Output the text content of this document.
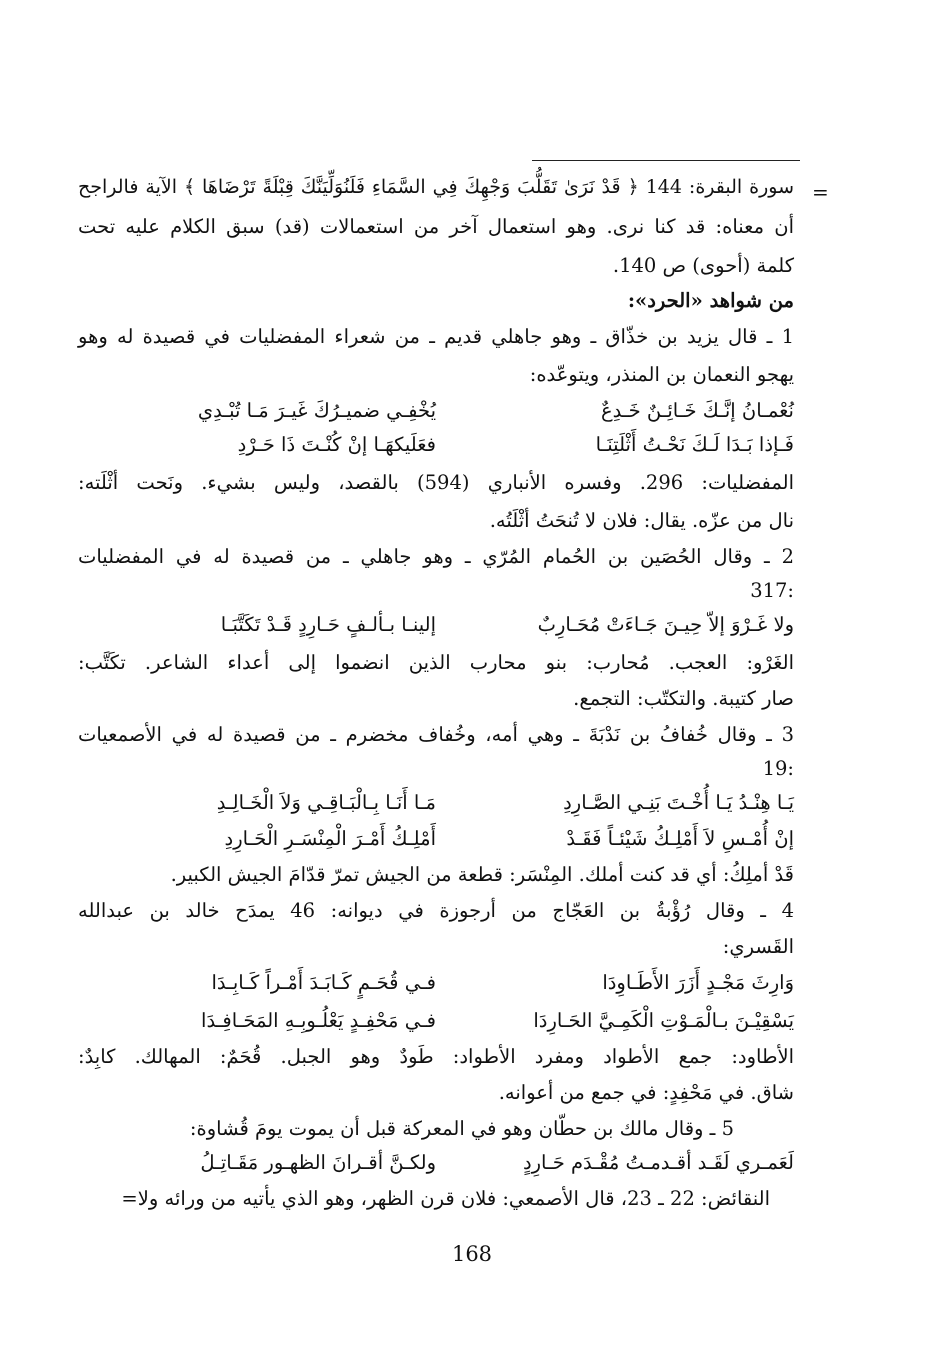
=
سورة البقرة: 144 ﴿ قَدْ نَرَىٰ تَقَلُّبَ وَجْهِكَ فِي السَّمَاءِ فَلَنُوَلِّيَنَّكَ قِبْلَةً تَرْضَاهَا ﴾ الآية فالراجح
أن معناه: قد كنا نرى. وهو استعمال آخر من استعمالات (قد) سبق الكلام عليه تحت
كلمة (أحوى) ص 140.
من شواهد «الحرد»:
1 ـ قال يزيد بن خذّاق ـ وهو جاهلي قديم ـ من شعراء المفضليات في قصيدة له وهو
يهجو النعمان بن المنذر، ويتوعّده:
نُعْمـانُ إنَّـكَ خَـائِـنٌ خَـدِعٌ
يُخْفِـي ضميـرُكَ غَيـرَ مَـا تُبْـدِي
فَـإذا بَـدَا لَـكَ نَحْـتُ أَثْلَتِنَـا
فعَلَيكهَـا إنْ كُنْـتَ ذَا حَـرْدِ
المفضليات: 296. وفسره الأنباري (594) بالقصد، وليس بشيء. ونَحت أثْلَته:
نال من عزّه. يقال: فلان لا تُنحَتُ أثْلَتُه.
2 ـ وقال الحُصَين بن الحُمام المُرّي ـ وهو جاهلي ـ من قصيدة له في المفضليات
:317
ولا غَـرْوَ إلاّ حِيـنَ جَـاءَتْ مُحَـارِبٌ
إلينـا بـألـفٍ حَـارِدٍ قَـدْ تَكَتَّبَـا
الغَرْو: العجب. مُحارب: بنو محارب الذين انضموا إلى أعداء الشاعر. تكَتَّب:
صار كتيبة. والتكتّب: التجمع.
3 ـ وقال خُفافُ بن نَدْبَةَ ـ وهي أمه، وخُفاف مخضرم ـ من قصيدة له في الأصمعيات
:19
يَـا هِنْـدُ يَـا أُخْـتَ بَنِـي الصَّـارِدِ
مَـا أَنَـا بِـالْبَـاقِـي وَلاَ الْخَـالِـدِ
إنْ أُمْـسِ لاَ أَمْلِـكُ شَيْئـاً فَقَـدْ
أَمْلِـكُ أَمْـرَ الْمِنْسَـرِ الْحَـارِدِ
قَدْ أملِكُ: أي قد كنت أملك. المِنْسَر: قطعة من الجيش تمرّ قدّامَ الجيش الكبير.
4 ـ وقال رُؤْبةُ بن العَجّاج من أرجوزة في ديوانه: 46 يمدَح خالد بن عبدالله
القَسري:
وَارِثَ مَجْـدٍ أَزَرَ الأَطَـاوِدَا
فـي قُحَـمٍ كَـابَـدَ أَمْـراً كَـابِـدَا
يَسْقِيْـنَ بـالْمَـوْتِ الْكَمِـيَّ الحَـارِدَا
فـي مَحْفِـدٍ يَعْلُـوبِـهِ المَحَـافِـدَا
الأطاود: جمع الأطواد ومفرد الأطواد: طَودٌ وهو الجبل. قُحَمٌ: المهالك. كابِدٌ:
شاق. في مَحْفِدٍ: في جمع من أعوانه.
5 ـ وقال مالك بن حطّان وهو في المعركة قبل أن يموت يومَ قُشاوة:
لَعَمـري لَقَـد أقـدمـتُ مُقْـدَم حَـارِدٍ
ولكـنَّ أقـرانَ الظهـور مَقَـاتِـلُ
النقائض: 22 ـ 23، قال الأصمعي: فلان قرن الظهر، وهو الذي يأتيه من ورائه ولا=
168
